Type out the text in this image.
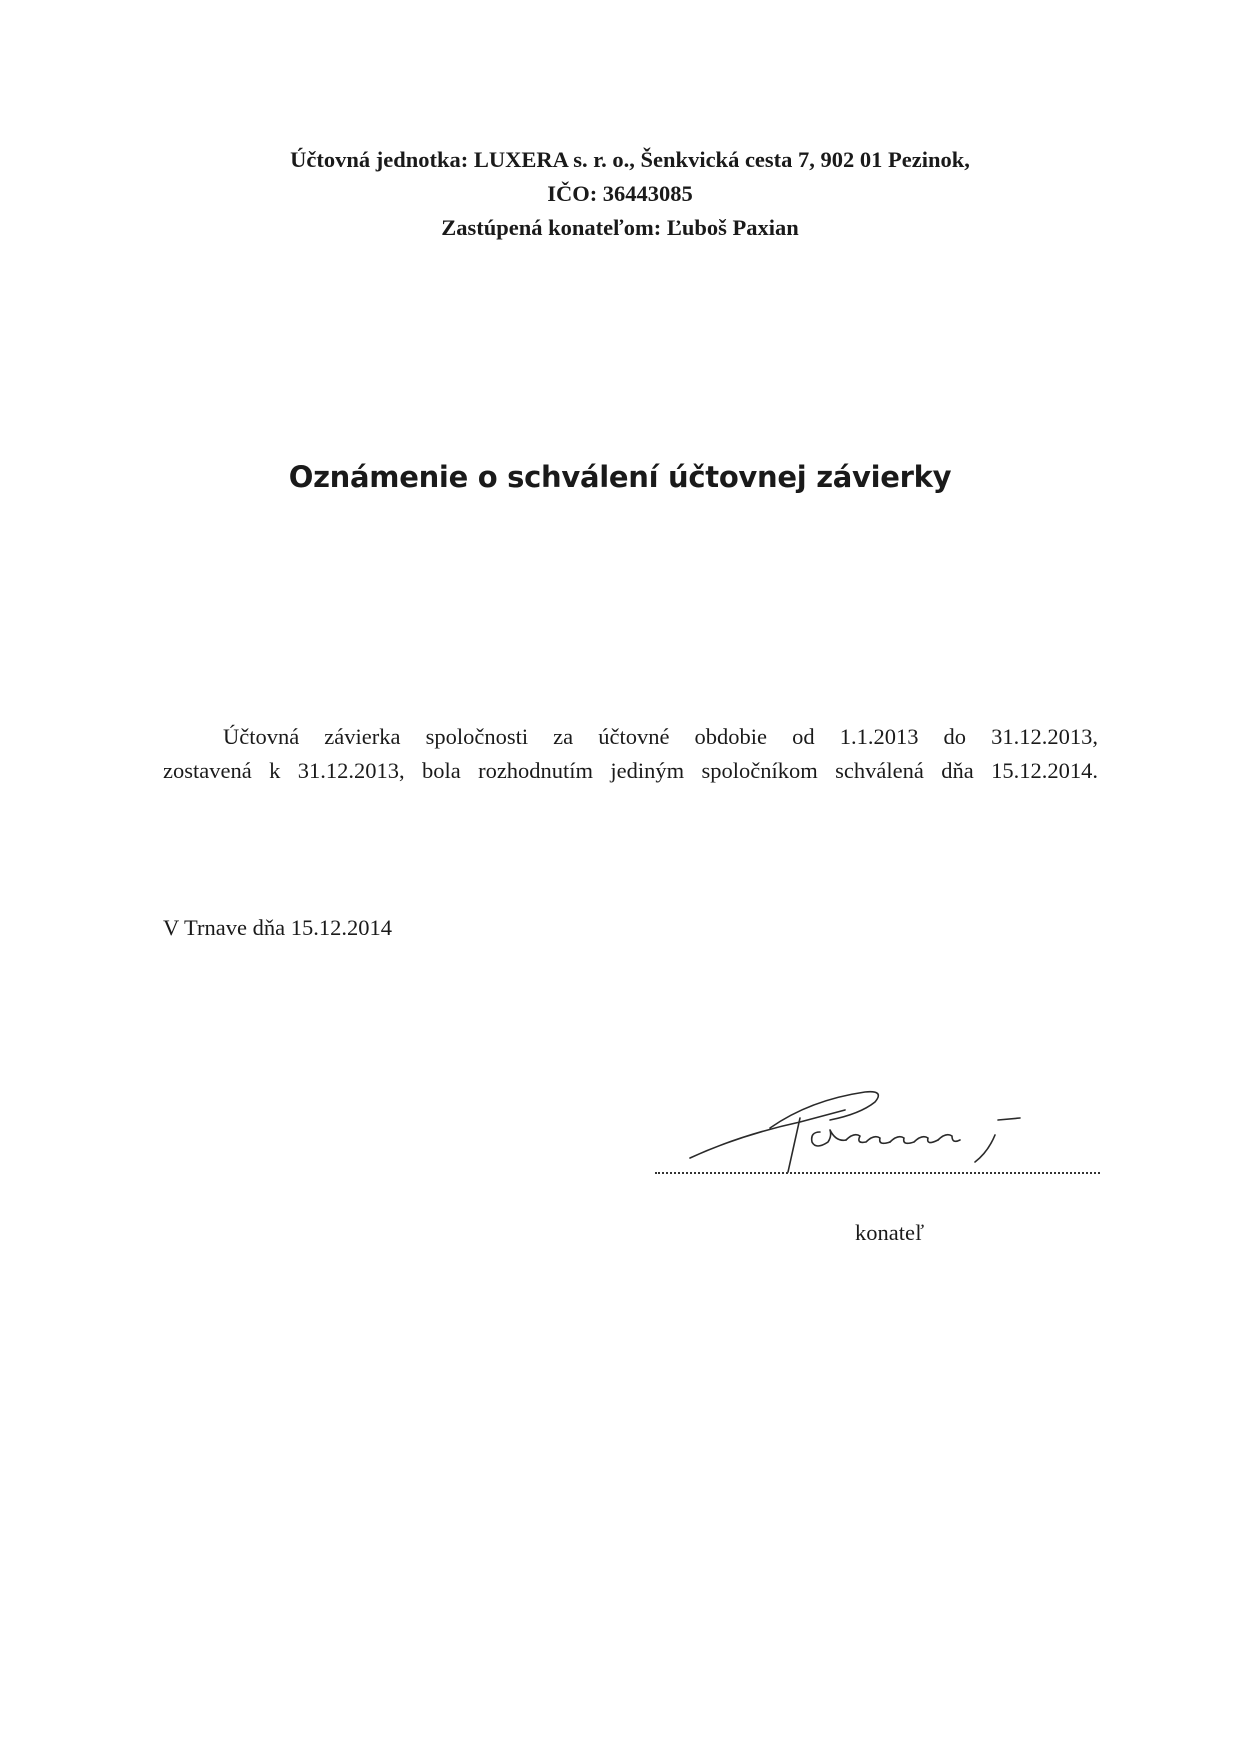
Účtovná jednotka: LUXERA s. r. o., Šenkvická cesta 7, 902 01 Pezinok,
IČO: 36443085
Zastúpená konateľom: Ľuboš Paxian
Oznámenie o schválení účtovnej závierky
Účtovná závierka spoločnosti za účtovné obdobie od 1.1.2013 do 31.12.2013,
zostavená k 31.12.2013, bola rozhodnutím jediným spoločníkom schválená dňa 15.12.2014.
V Trnave dňa 15.12.2014
konateľ
